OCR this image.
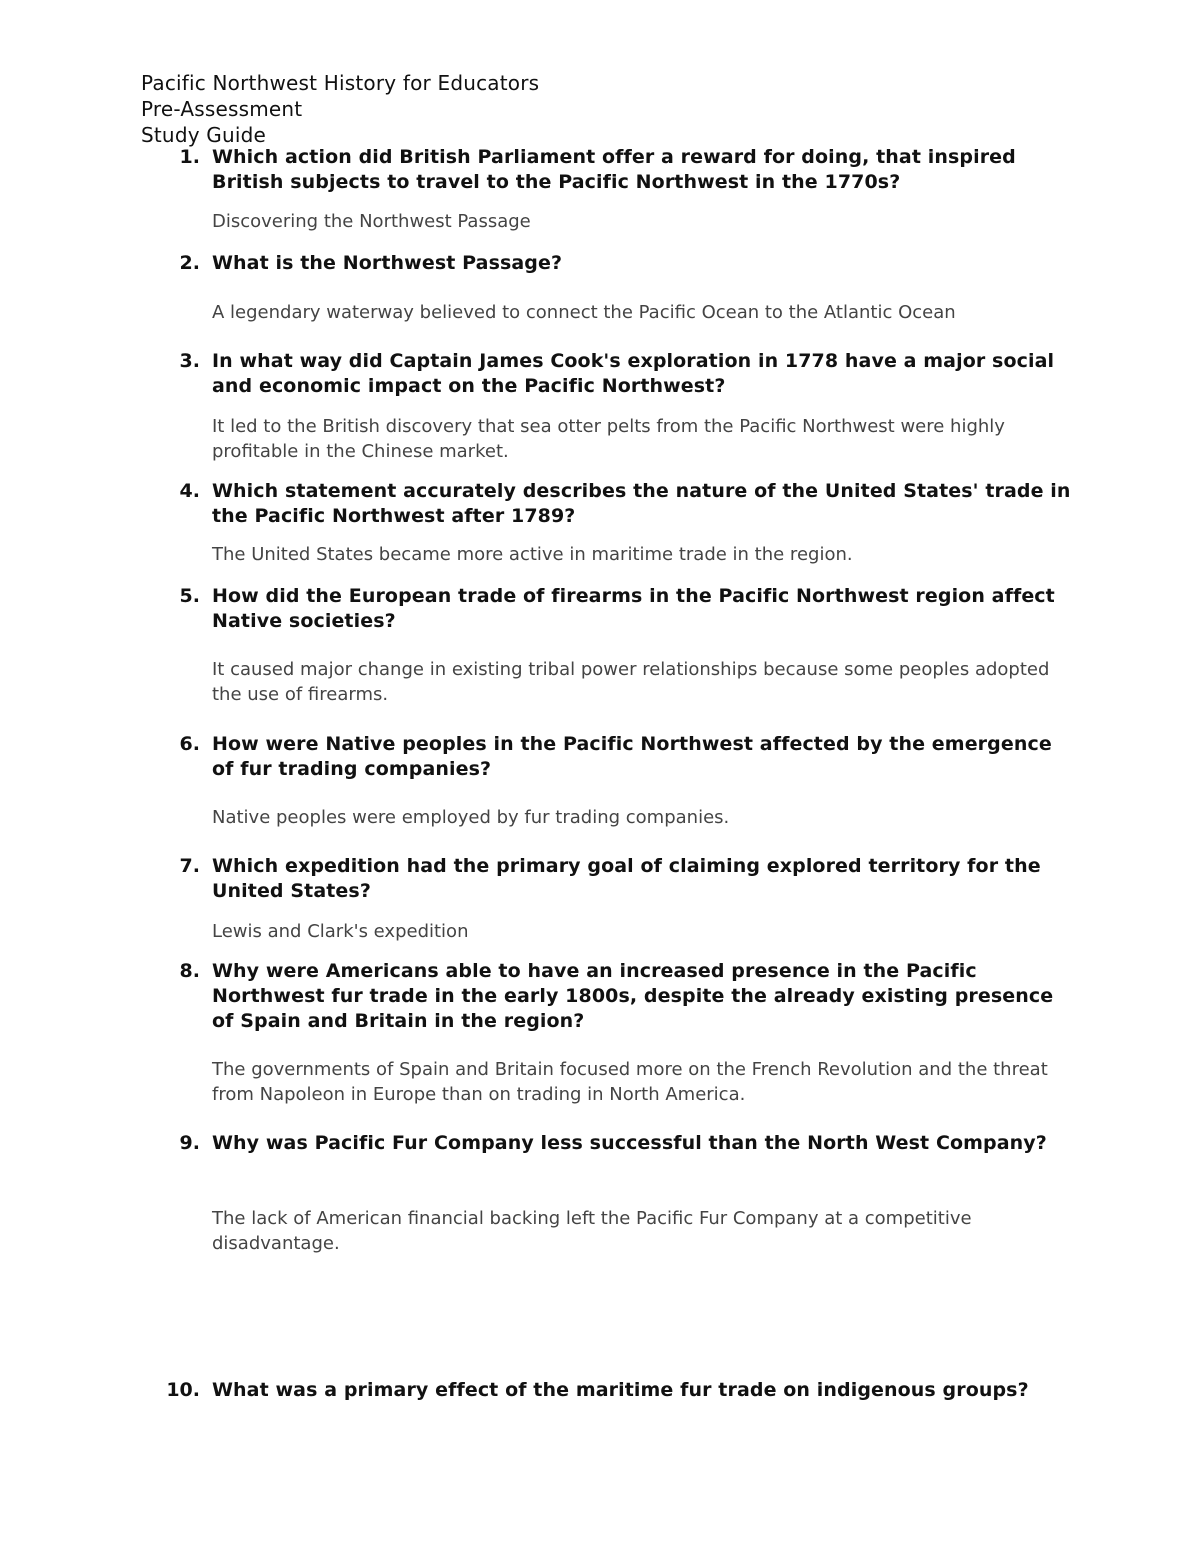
Pacific Northwest History for Educators
Pre-Assessment
Study Guide
1. Which action did British Parliament offer a reward for doing, that inspired British subjects to travel to the Pacific Northwest in the 1770s?
Discovering the Northwest Passage
2. What is the Northwest Passage?
A legendary waterway believed to connect the Pacific Ocean to the Atlantic Ocean
3. In what way did Captain James Cook's exploration in 1778 have a major social and economic impact on the Pacific Northwest?
It led to the British discovery that sea otter pelts from the Pacific Northwest were highly profitable in the Chinese market.
4. Which statement accurately describes the nature of the United States' trade in the Pacific Northwest after 1789?
The United States became more active in maritime trade in the region.
5. How did the European trade of firearms in the Pacific Northwest region affect Native societies?
It caused major change in existing tribal power relationships because some peoples adopted the use of firearms.
6. How were Native peoples in the Pacific Northwest affected by the emergence of fur trading companies?
Native peoples were employed by fur trading companies.
7. Which expedition had the primary goal of claiming explored territory for the United States?
Lewis and Clark's expedition
8. Why were Americans able to have an increased presence in the Pacific Northwest fur trade in the early 1800s, despite the already existing presence of Spain and Britain in the region?
The governments of Spain and Britain focused more on the French Revolution and the threat from Napoleon in Europe than on trading in North America.
9. Why was Pacific Fur Company less successful than the North West Company?
The lack of American financial backing left the Pacific Fur Company at a competitive disadvantage.
10. What was a primary effect of the maritime fur trade on indigenous groups?
